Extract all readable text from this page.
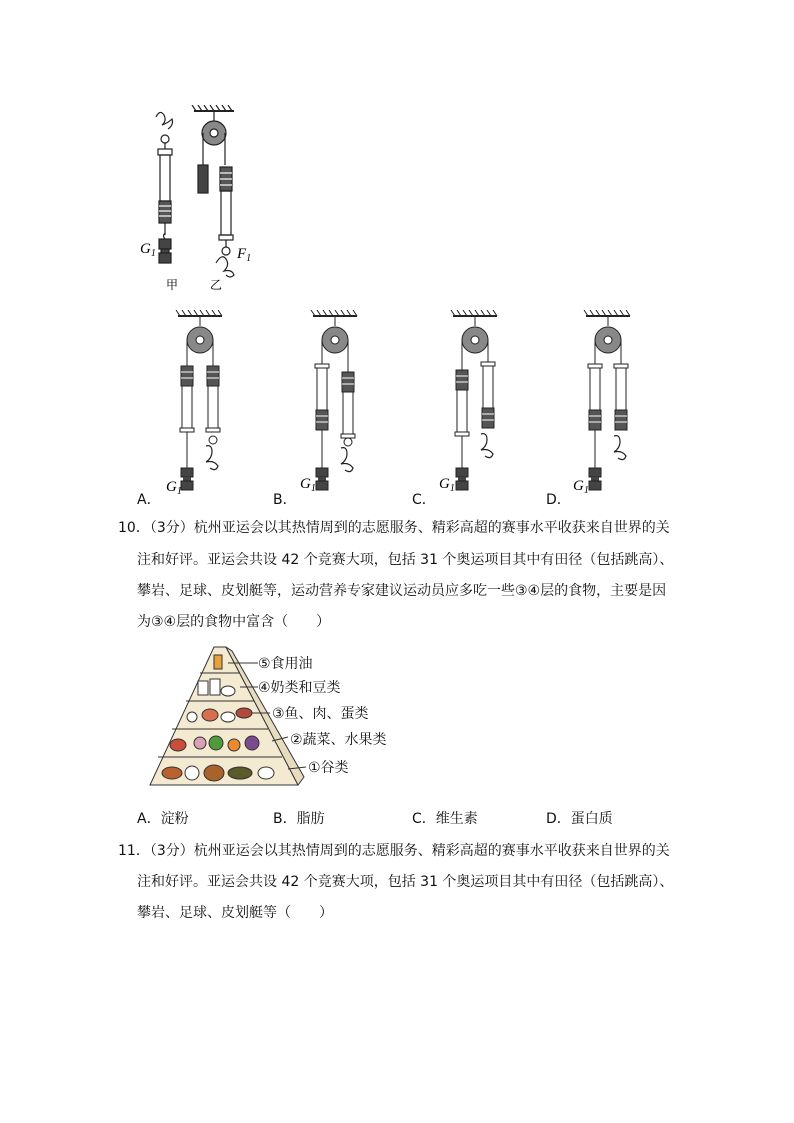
$G_1$	$F_1$
甲	乙
$G_1$	$G_1$	$G_1$	$G_1$
A．	B．	C．	D．
10．（3分）杭州亚运会以其热情周到的志愿服务、精彩高超的赛事水平收获来自世界的关
注和好评。亚运会共设 42 个竞赛大项，包括 31 个奥运项目其中有田径（包括跳高）、
攀岩、足球、皮划艇等，运动营养专家建议运动员应多吃一些③④层的食物，主要是因
为③④层的食物中富含（　　）
⑤食用油
④奶类和豆类
③鱼、肉、蛋类
②蔬菜、水果类
①谷类
A．淀粉	B．脂肪	C．维生素	D．蛋白质
11．（3分）杭州亚运会以其热情周到的志愿服务、精彩高超的赛事水平收获来自世界的关
注和好评。亚运会共设 42 个竞赛大项，包括 31 个奥运项目其中有田径（包括跳高）、
攀岩、足球、皮划艇等（　　）
